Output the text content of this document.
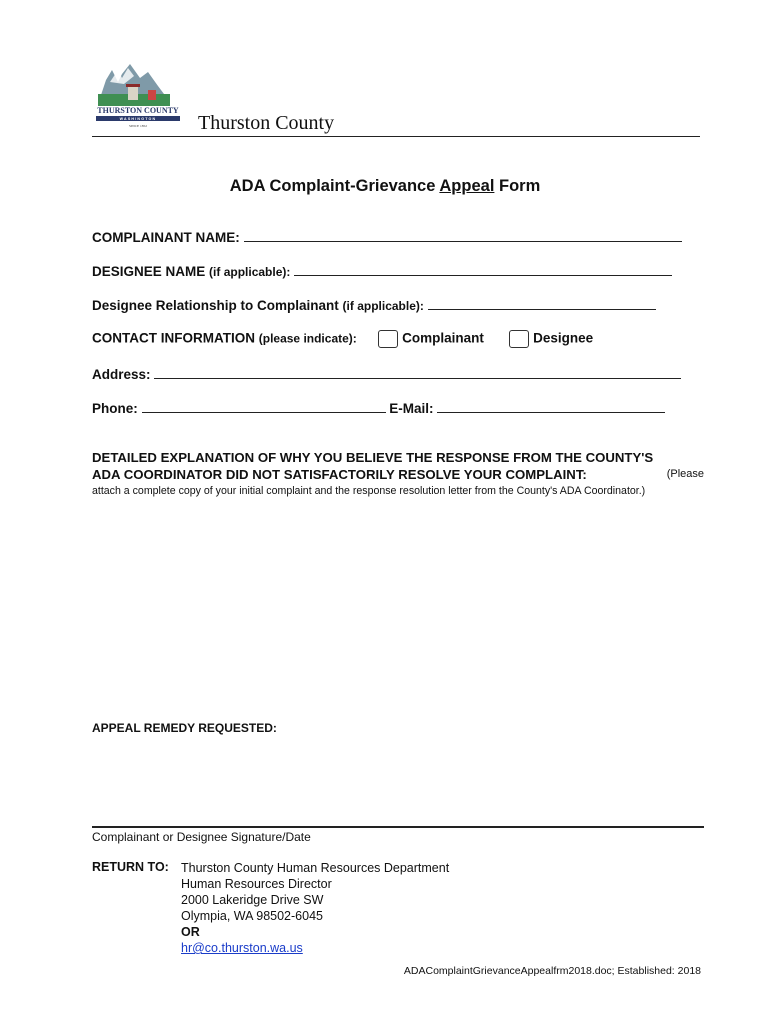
THURSTON COUNTY
WASHINGTON
SINCE 1852	Thurston County
ADA Complaint-Grievance Appeal Form
COMPLAINANT NAME:
DESIGNEE NAME (if applicable):
Designee Relationship to Complainant (if applicable):
CONTACT INFORMATION (please indicate):	Complainant	Designee
Address:
Phone:	E-Mail:
DETAILED EXPLANATION OF WHY YOU BELIEVE THE RESPONSE FROM THE COUNTY'S
ADA COORDINATOR DID NOT SATISFACTORILY RESOLVE YOUR COMPLAINT:	(Please
attach a complete copy of your initial complaint and the response resolution letter from the County's ADA Coordinator.)
APPEAL REMEDY REQUESTED:
Complainant or Designee Signature/Date
RETURN TO: Thurston County Human Resources Department
Human Resources Director
2000 Lakeridge Drive SW
Olympia, WA 98502-6045
OR
hr@co.thurston.wa.us
ADAComplaintGrievanceAppealfrm2018.doc; Established: 2018
